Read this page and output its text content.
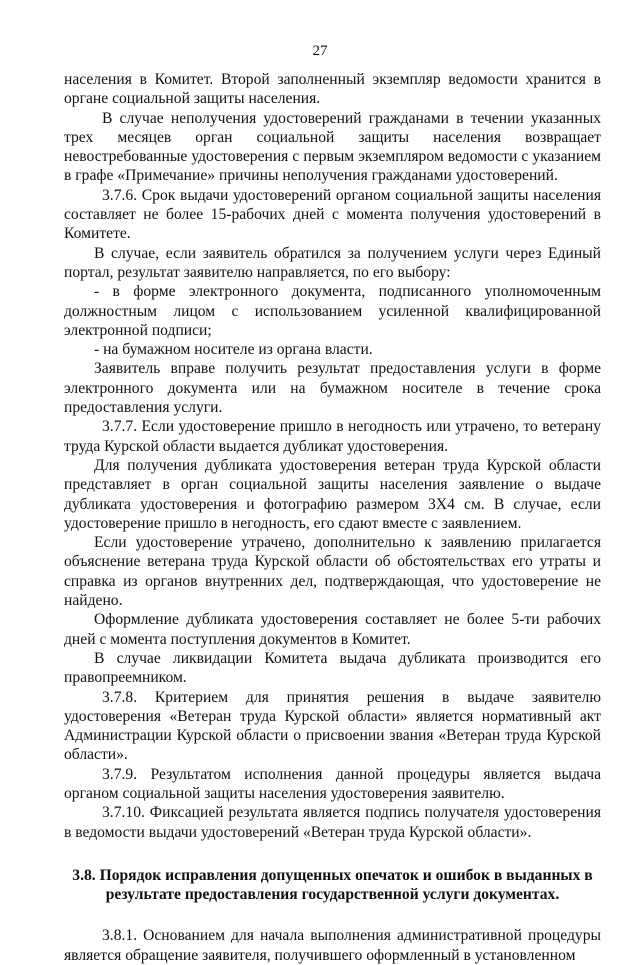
27

населения в Комитет. Второй заполненный экземпляр ведомости хранится в органе социальной защиты населения.

В случае неполучения удостоверений гражданами в течении указанных трех месяцев орган социальной защиты населения возвращает невостребованные удостоверения с первым экземпляром ведомости с указанием в графе «Примечание» причины неполучения гражданами удостоверений.

3.7.6. Срок выдачи удостоверений органом социальной защиты населения составляет не более 15-рабочих дней с момента получения удостоверений в Комитете.

В случае, если заявитель обратился за получением услуги через Единый портал, результат заявителю направляется, по его выбору:

- в форме электронного документа, подписанного уполномоченным должностным лицом с использованием усиленной квалифицированной электронной подписи;

- на бумажном носителе из органа власти.

Заявитель вправе получить результат предоставления услуги в форме электронного документа или на бумажном носителе в течение срока предоставления услуги.

3.7.7. Если удостоверение пришло в негодность или утрачено, то ветерану труда Курской области выдается дубликат удостоверения.

Для получения дубликата удостоверения ветеран труда Курской области представляет в орган социальной защиты населения заявление о выдаче дубликата удостоверения и фотографию размером 3Х4 см. В случае, если удостоверение пришло в негодность, его сдают вместе с заявлением.

Если удостоверение утрачено, дополнительно к заявлению прилагается объяснение ветерана труда Курской области об обстоятельствах его утраты и справка из органов внутренних дел, подтверждающая, что удостоверение не найдено.

Оформление дубликата удостоверения составляет не более 5-ти рабочих дней с момента поступления документов в Комитет.

В случае ликвидации Комитета выдача дубликата производится его правопреемником.

3.7.8. Критерием для принятия решения в выдаче заявителю удостоверения «Ветеран труда Курской области» является нормативный акт Администрации Курской области о присвоении звания «Ветеран труда Курской области».

3.7.9. Результатом исполнения данной процедуры является выдача органом социальной защиты населения удостоверения заявителю.

3.7.10. Фиксацией результата является подпись получателя удостоверения в ведомости выдачи удостоверений «Ветеран труда Курской области».

3.8. Порядок исправления допущенных опечаток и ошибок в выданных в результате предоставления государственной услуги документах.

3.8.1. Основанием для начала выполнения административной процедуры является обращение заявителя, получившего оформленный в установленном
